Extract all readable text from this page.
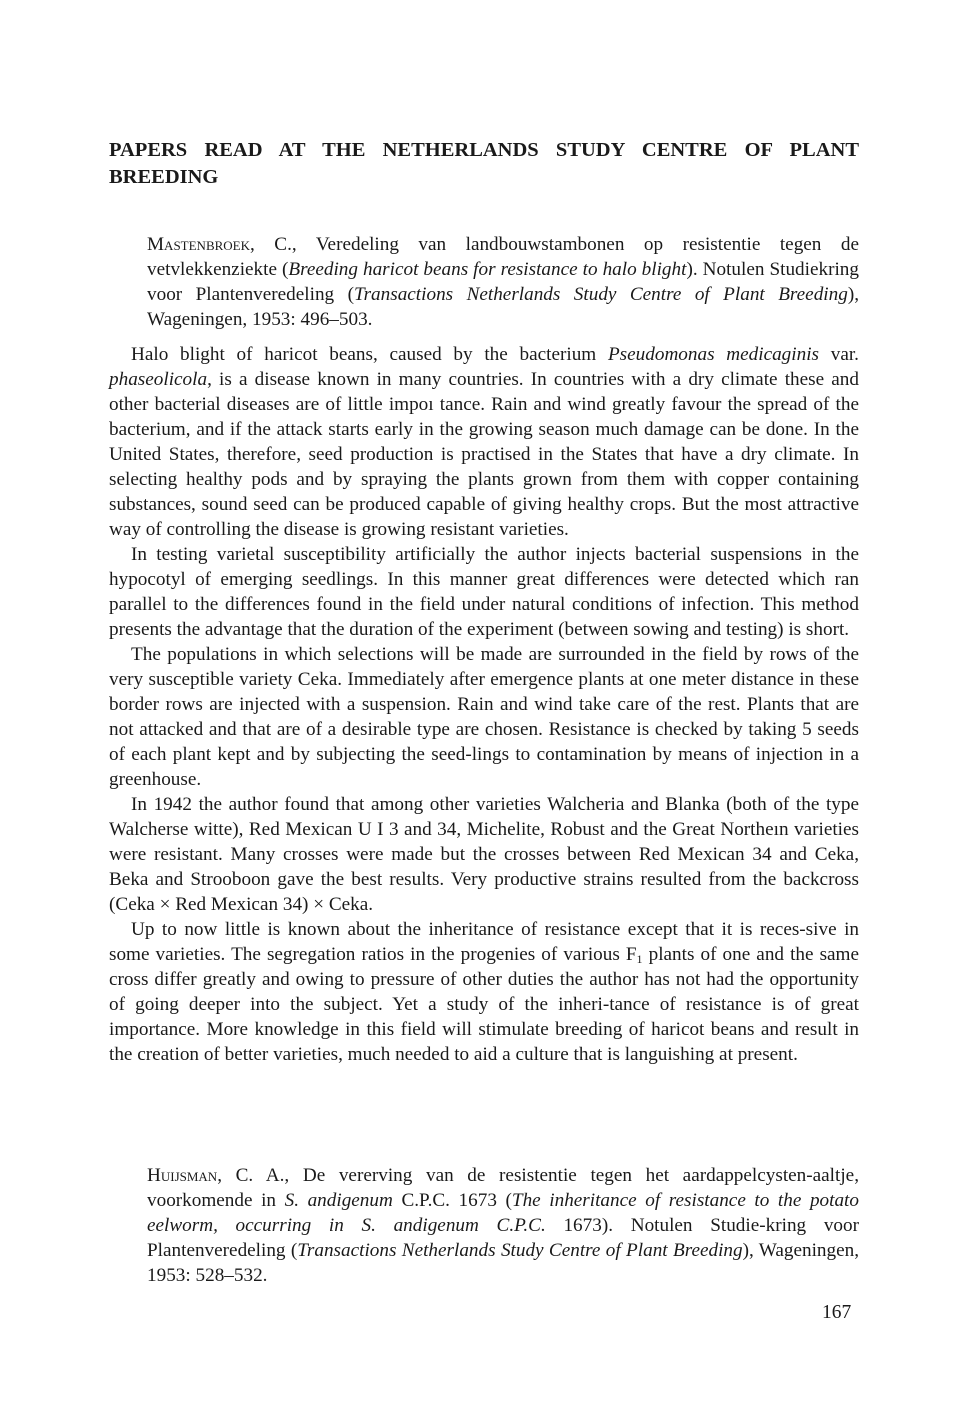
PAPERS READ AT THE NETHERLANDS STUDY CENTRE OF PLANT BREEDING

Mastenbroek, C., Veredeling van landbouwstambonen op resistentie tegen de vetvlekkenziekte (Breeding haricot beans for resistance to halo blight). Notulen Studiekring voor Plantenveredeling (Transactions Netherlands Study Centre of Plant Breeding), Wageningen, 1953: 496–503.

Halo blight of haricot beans, caused by the bacterium Pseudomonas medicaginis var. phaseolicola, is a disease known in many countries. In countries with a dry climate these and other bacterial diseases are of little impoı tance. Rain and wind greatly favour the spread of the bacterium, and if the attack starts early in the growing season much damage can be done. In the United States, therefore, seed production is practised in the States that have a dry climate. In selecting healthy pods and by spraying the plants grown from them with copper containing substances, sound seed can be produced capable of giving healthy crops. But the most attractive way of controlling the disease is growing resistant varieties.

In testing varietal susceptibility artificially the author injects bacterial suspensions in the hypocotyl of emerging seedlings. In this manner great differences were detected which ran parallel to the differences found in the field under natural conditions of infection. This method presents the advantage that the duration of the experiment (between sowing and testing) is short.

The populations in which selections will be made are surrounded in the field by rows of the very susceptible variety Ceka. Immediately after emergence plants at one meter distance in these border rows are injected with a suspension. Rain and wind take care of the rest. Plants that are not attacked and that are of a desirable type are chosen. Resistance is checked by taking 5 seeds of each plant kept and by subjecting the seed-lings to contamination by means of injection in a greenhouse.

In 1942 the author found that among other varieties Walcheria and Blanka (both of the type Walcherse witte), Red Mexican U I 3 and 34, Michelite, Robust and the Great Northeın varieties were resistant. Many crosses were made but the crosses between Red Mexican 34 and Ceka, Beka and Strooboon gave the best results. Very productive strains resulted from the backcross (Ceka × Red Mexican 34) × Ceka.

Up to now little is known about the inheritance of resistance except that it is reces-sive in some varieties. The segregation ratios in the progenies of various $F_1$ plants of one and the same cross differ greatly and owing to pressure of other duties the author has not had the opportunity of going deeper into the subject. Yet a study of the inheri-tance of resistance is of great importance. More knowledge in this field will stimulate breeding of haricot beans and result in the creation of better varieties, much needed to aid a culture that is languishing at present.

Huijsman, C. A., De vererving van de resistentie tegen het aardappelcysten-aaltje, voorkomende in S. andigenum C.P.C. 1673 (The inheritance of resistance to the potato eelworm, occurring in S. andigenum C.P.C. 1673). Notulen Studie-kring voor Plantenveredeling (Transactions Netherlands Study Centre of Plant Breeding), Wageningen, 1953: 528–532.

167
